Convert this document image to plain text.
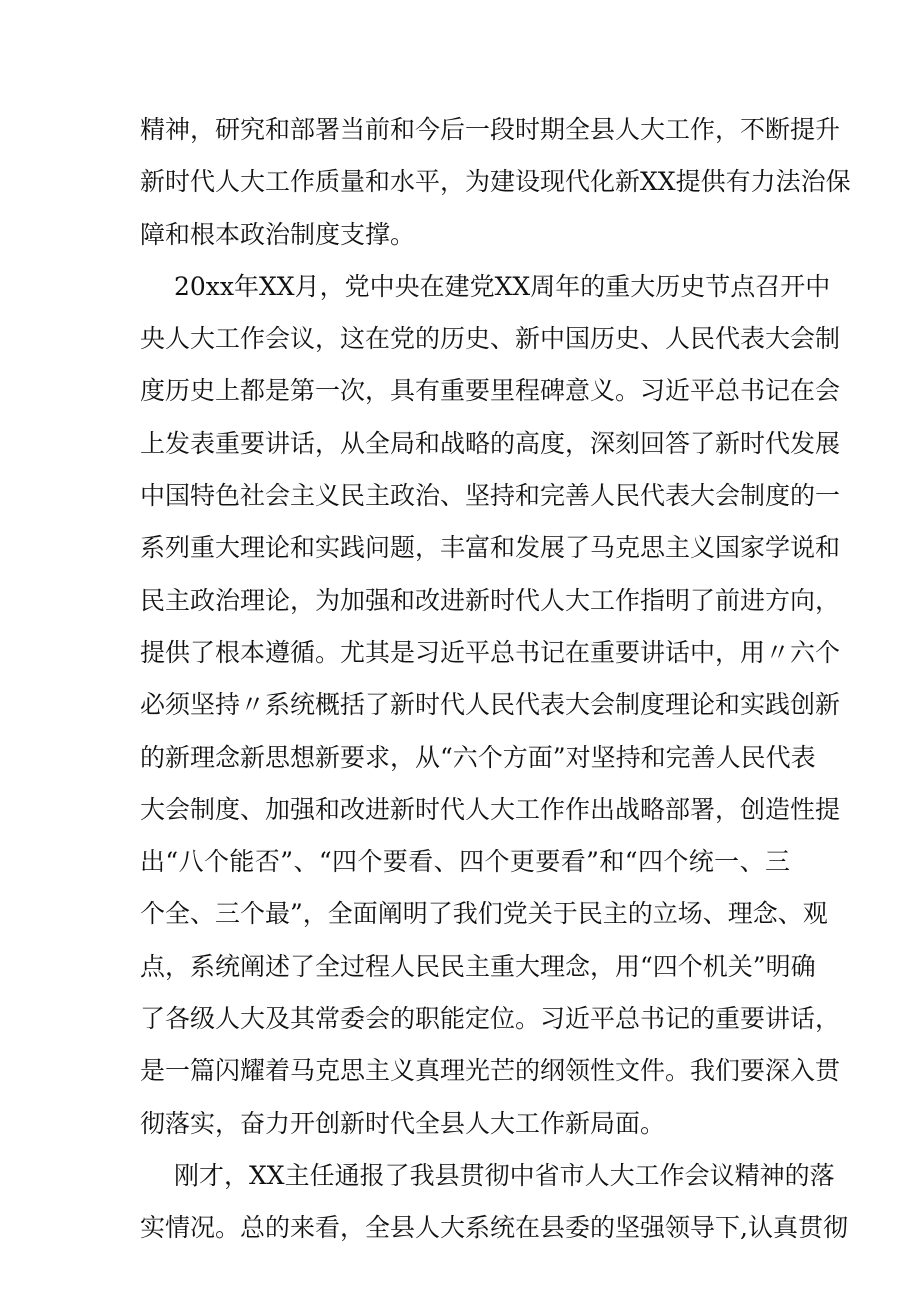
精神，研究和部署当前和今后一段时期全县人大工作，不断提升
新时代人大工作质量和水平，为建设现代化新XX提供有力法治保
障和根本政治制度支撑。
20xx年XX月，党中央在建党XX周年的重大历史节点召开中
央人大工作会议，这在党的历史、新中国历史、人民代表大会制
度历史上都是第一次，具有重要里程碑意义。习近平总书记在会
上发表重要讲话，从全局和战略的高度，深刻回答了新时代发展
中国特色社会主义民主政治、坚持和完善人民代表大会制度的一
系列重大理论和实践问题，丰富和发展了马克思主义国家学说和
民主政治理论，为加强和改进新时代人大工作指明了前进方向，
提供了根本遵循。尤其是习近平总书记在重要讲话中，用〃六个
必须坚持〃系统概括了新时代人民代表大会制度理论和实践创新
的新理念新思想新要求，从“六个方面”对坚持和完善人民代表
大会制度、加强和改进新时代人大工作作出战略部署，创造性提
出“八个能否”、“四个要看、四个更要看”和“四个统一、三
个全、三个最”，全面阐明了我们党关于民主的立场、理念、观
点，系统阐述了全过程人民民主重大理念，用“四个机关”明确
了各级人大及其常委会的职能定位。习近平总书记的重要讲话，
是一篇闪耀着马克思主义真理光芒的纲领性文件。我们要深入贯
彻落实，奋力开创新时代全县人大工作新局面。
刚才，XX主任通报了我县贯彻中省市人大工作会议精神的落
实情况。总的来看，全县人大系统在县委的坚强领导下,认真贯彻
